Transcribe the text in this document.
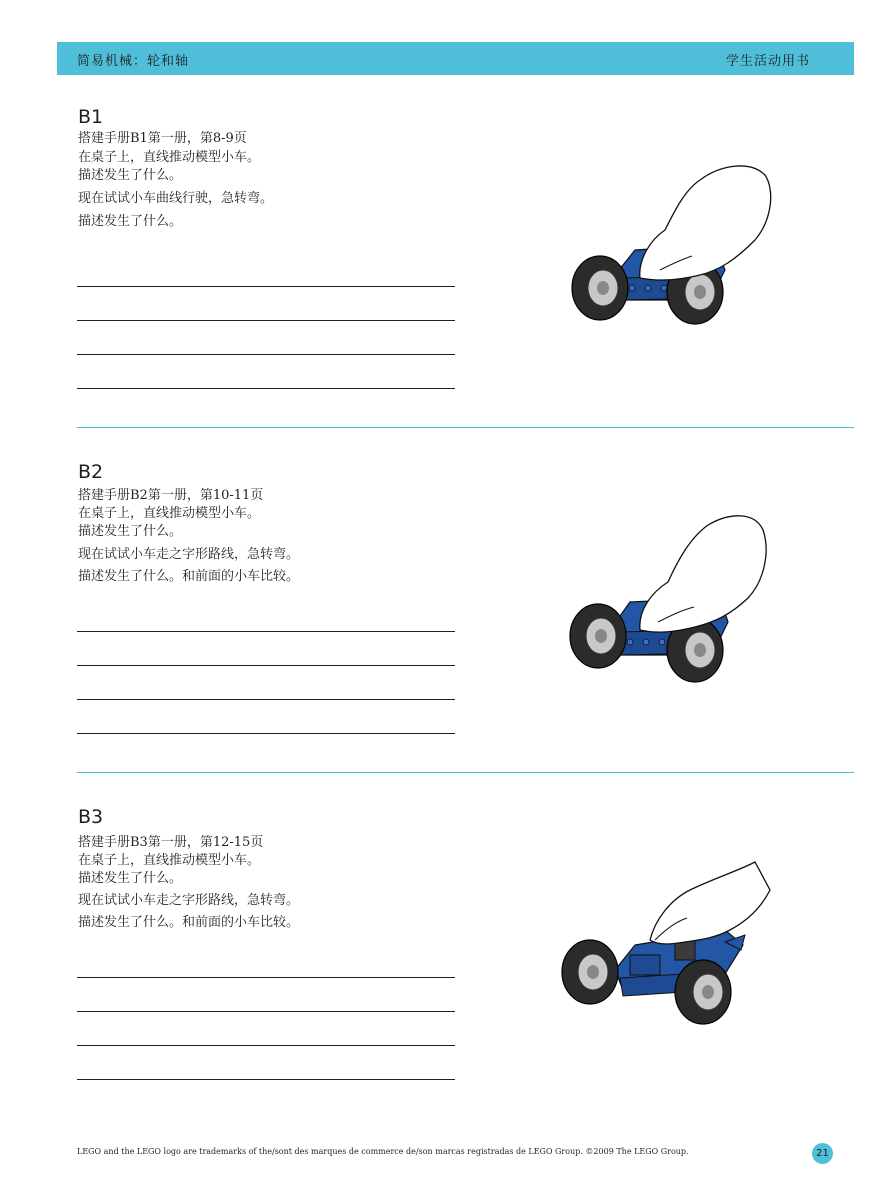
简易机械：轮和轴	学生活动用书
B1
搭建手册B1第一册，第8-9页
在桌子上，直线推动模型小车。
描述发生了什么。
现在试试小车曲线行驶，急转弯。
描述发生了什么。
B2
搭建手册B2第一册，第10-11页
在桌子上，直线推动模型小车。
描述发生了什么。
现在试试小车走之字形路线，急转弯。
描述发生了什么。和前面的小车比较。
B3
搭建手册B3第一册，第12-15页
在桌子上，直线推动模型小车。
描述发生了什么。
现在试试小车走之字形路线，急转弯。
描述发生了什么。和前面的小车比较。
LEGO and the LEGO logo are trademarks of the/sont des marques de commerce de/son marcas registradas de LEGO Group. ©2009 The LEGO Group.	21
